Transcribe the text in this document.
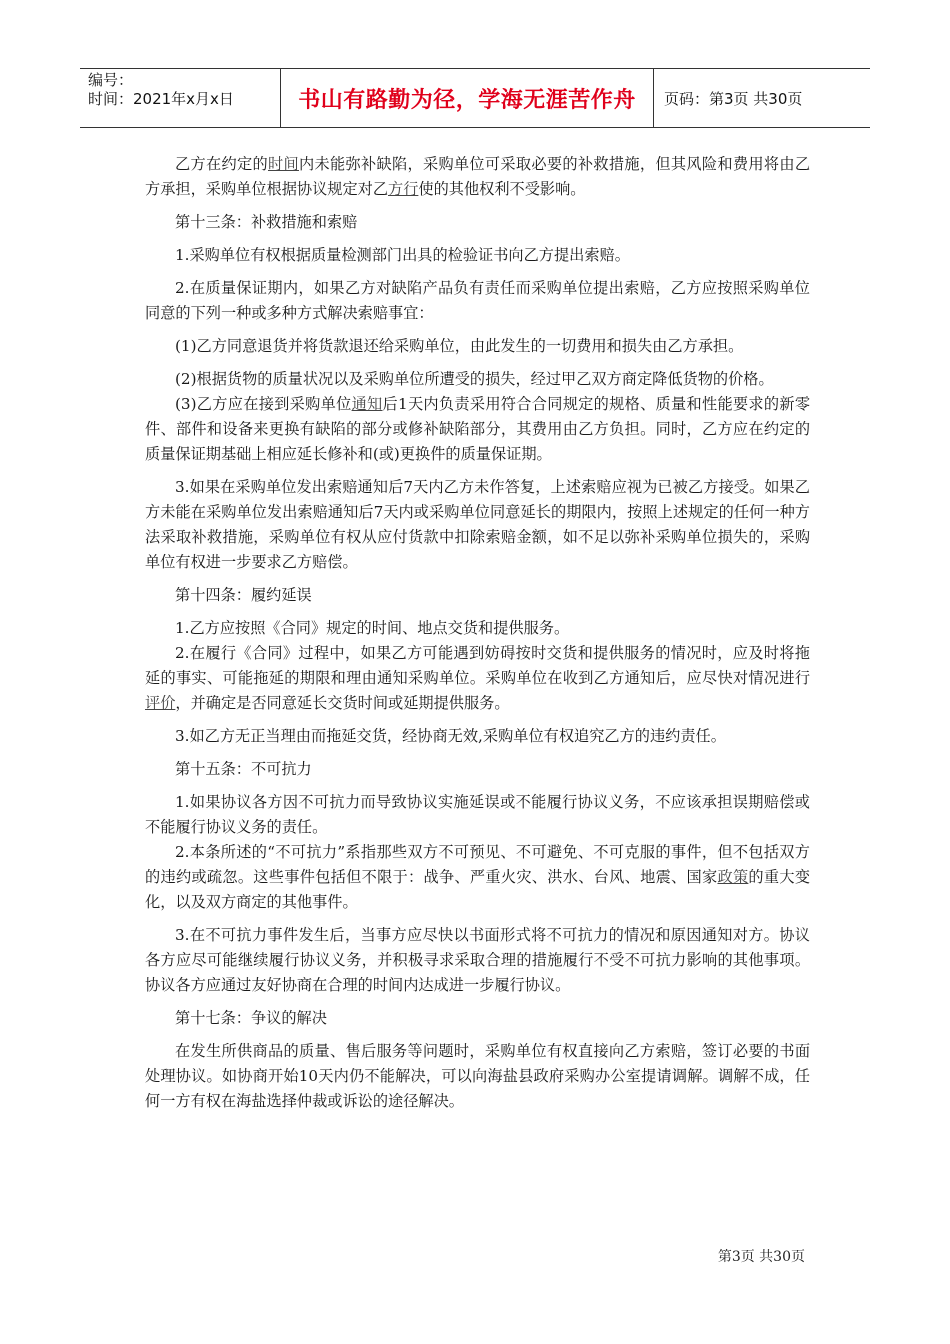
编号：
时间：2021年x月x日	书山有路勤为径，学海无涯苦作舟	页码：第3页 共30页

乙方在约定的时间内未能弥补缺陷，采购单位可采取必要的补救措施，但其风险和费用将由乙方承担，采购单位根据协议规定对乙方行使的其他权利不受影响。

第十三条：补救措施和索赔

1.采购单位有权根据质量检测部门出具的检验证书向乙方提出索赔。

2.在质量保证期内，如果乙方对缺陷产品负有责任而采购单位提出索赔，乙方应按照采购单位同意的下列一种或多种方式解决索赔事宜：

(1)乙方同意退货并将货款退还给采购单位，由此发生的一切费用和损失由乙方承担。

(2)根据货物的质量状况以及采购单位所遭受的损失，经过甲乙双方商定降低货物的价格。

(3)乙方应在接到采购单位通知后1天内负责采用符合合同规定的规格、质量和性能要求的新零件、部件和设备来更换有缺陷的部分或修补缺陷部分，其费用由乙方负担。同时，乙方应在约定的质量保证期基础上相应延长修补和(或)更换件的质量保证期。

3.如果在采购单位发出索赔通知后7天内乙方未作答复，上述索赔应视为已被乙方接受。如果乙方未能在采购单位发出索赔通知后7天内或采购单位同意延长的期限内，按照上述规定的任何一种方法采取补救措施，采购单位有权从应付货款中扣除索赔金额，如不足以弥补采购单位损失的，采购单位有权进一步要求乙方赔偿。

第十四条：履约延误

1.乙方应按照《合同》规定的时间、地点交货和提供服务。

2.在履行《合同》过程中，如果乙方可能遇到妨碍按时交货和提供服务的情况时，应及时将拖延的事实、可能拖延的期限和理由通知采购单位。采购单位在收到乙方通知后，应尽快对情况进行评价，并确定是否同意延长交货时间或延期提供服务。

3.如乙方无正当理由而拖延交货，经协商无效,采购单位有权追究乙方的违约责任。

第十五条：不可抗力

1.如果协议各方因不可抗力而导致协议实施延误或不能履行协议义务，不应该承担误期赔偿或不能履行协议义务的责任。

2.本条所述的“不可抗力”系指那些双方不可预见、不可避免、不可克服的事件，但不包括双方的违约或疏忽。这些事件包括但不限于：战争、严重火灾、洪水、台风、地震、国家政策的重大变化，以及双方商定的其他事件。

3.在不可抗力事件发生后，当事方应尽快以书面形式将不可抗力的情况和原因通知对方。协议各方应尽可能继续履行协议义务，并积极寻求采取合理的措施履行不受不可抗力影响的其他事项。协议各方应通过友好协商在合理的时间内达成进一步履行协议。

第十七条：争议的解决

在发生所供商品的质量、售后服务等问题时，采购单位有权直接向乙方索赔，签订必要的书面处理协议。如协商开始10天内仍不能解决，可以向海盐县政府采购办公室提请调解。调解不成，任何一方有权在海盐选择仲裁或诉讼的途径解决。

第3页 共30页
